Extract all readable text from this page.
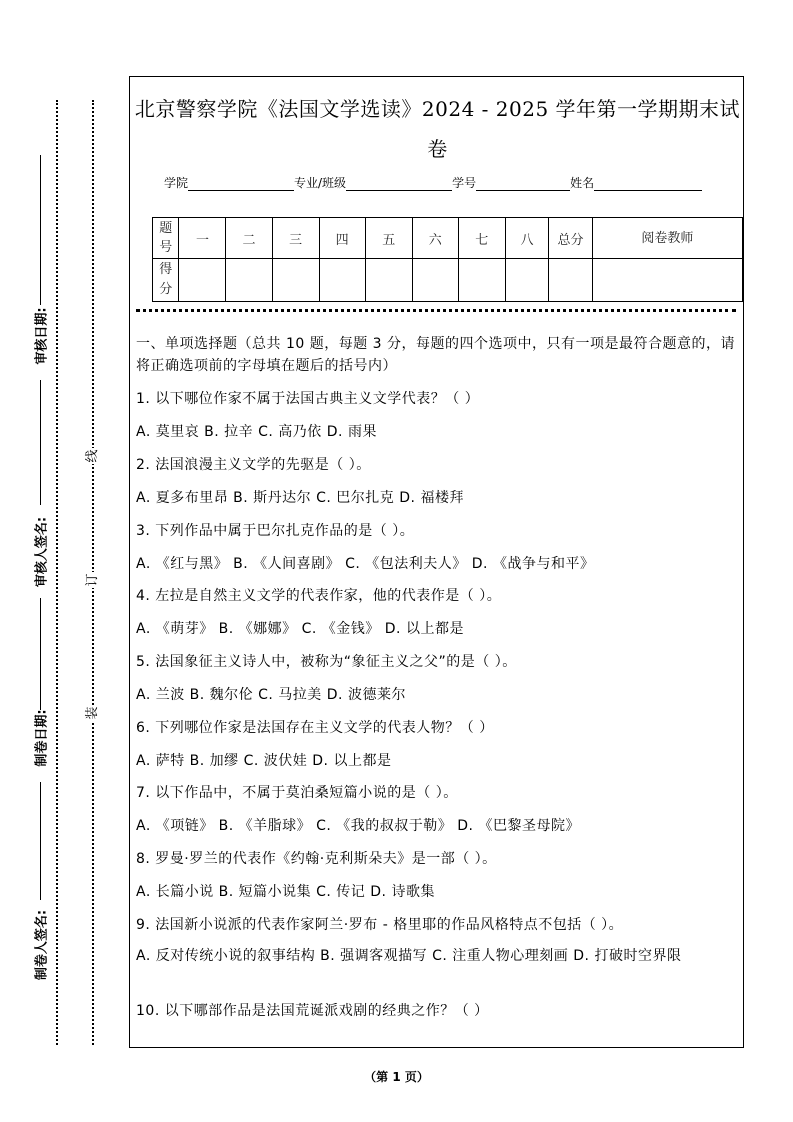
审核日期:
审核人签名:
制卷日期:
制卷人签名:
线
订
装
北京警察学院《法国文学选读》2024 - 2025 学年第一学期期末试卷
学院	专业/班级	学号	姓名
题号	一	二	三	四	五	六	七	八	总分	阅卷教师
得分										
一、单项选择题（总共 10 题，每题 3 分，每题的四个选项中，只有一项是最符合题意的，请将正确选项前的字母填在题后的括号内）
1. 以下哪位作家不属于法国古典主义文学代表？（ ）
A. 莫里哀 B. 拉辛 C. 高乃依 D. 雨果
2. 法国浪漫主义文学的先驱是（ ）。
A. 夏多布里昂 B. 斯丹达尔 C. 巴尔扎克 D. 福楼拜
3. 下列作品中属于巴尔扎克作品的是（ ）。
A. 《红与黑》 B. 《人间喜剧》 C. 《包法利夫人》 D. 《战争与和平》
4. 左拉是自然主义文学的代表作家，他的代表作是（ ）。
A. 《萌芽》 B. 《娜娜》 C. 《金钱》 D. 以上都是
5. 法国象征主义诗人中，被称为“象征主义之父”的是（ ）。
A. 兰波 B. 魏尔伦 C. 马拉美 D. 波德莱尔
6. 下列哪位作家是法国存在主义文学的代表人物？（ ）
A. 萨特 B. 加缪 C. 波伏娃 D. 以上都是
7. 以下作品中，不属于莫泊桑短篇小说的是（ ）。
A. 《项链》 B. 《羊脂球》 C. 《我的叔叔于勒》 D. 《巴黎圣母院》
8. 罗曼·罗兰的代表作《约翰·克利斯朵夫》是一部（ ）。
A. 长篇小说 B. 短篇小说集 C. 传记 D. 诗歌集
9. 法国新小说派的代表作家阿兰·罗布 - 格里耶的作品风格特点不包括（ ）。
A. 反对传统小说的叙事结构 B. 强调客观描写 C. 注重人物心理刻画 D. 打破时空界限
10. 以下哪部作品是法国荒诞派戏剧的经典之作？（ ）
（第 1 页）
